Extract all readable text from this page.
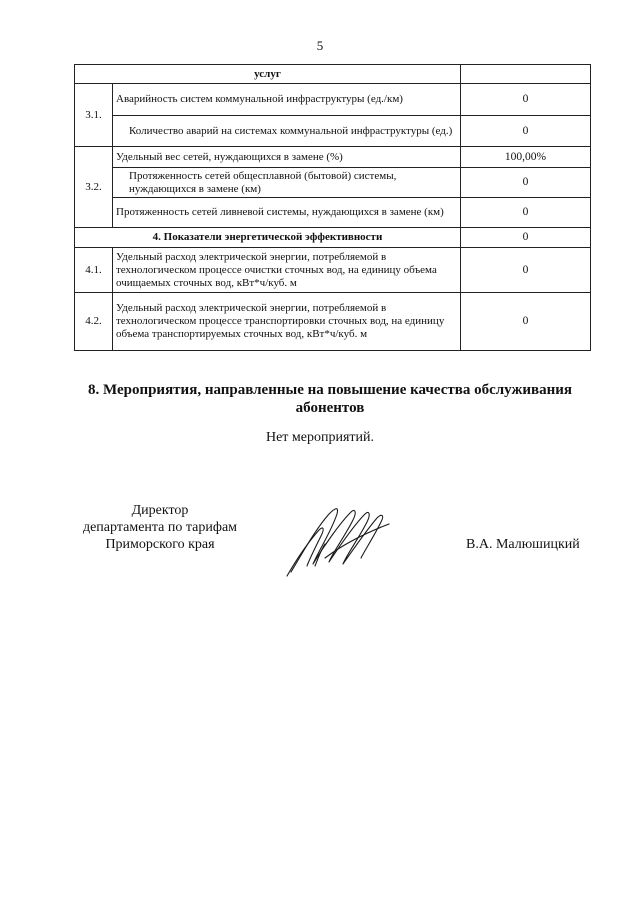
5
услуг		
3.1.	Аварийность систем коммунальной инфраструктуры (ед./км)	0
	Количество аварий на системах коммунальной инфраструктуры (ед.)	0
3.2.	Удельный вес сетей, нуждающихся в замене (%)	100,00%
	Протяженность сетей общесплавной (бытовой) системы, нуждающихся в замене (км)	0
	Протяженность сетей ливневой системы, нуждающихся в замене (км)	0
4. Показатели энергетической эффективности		0
4.1.	Удельный расход электрической энергии, потребляемой в технологическом процессе очистки сточных вод, на единицу объема очищаемых сточных вод, кВт*ч/куб. м	0
4.2.	Удельный расход электрической энергии, потребляемой в технологическом процессе транспортировки сточных вод, на единицу объема транспортируемых сточных вод, кВт*ч/куб. м	0
8. Мероприятия, направленные на повышение качества обслуживания абонентов
Нет мероприятий.
Директор
департамента по тарифам
Приморского края	В.А. Малюшицкий
